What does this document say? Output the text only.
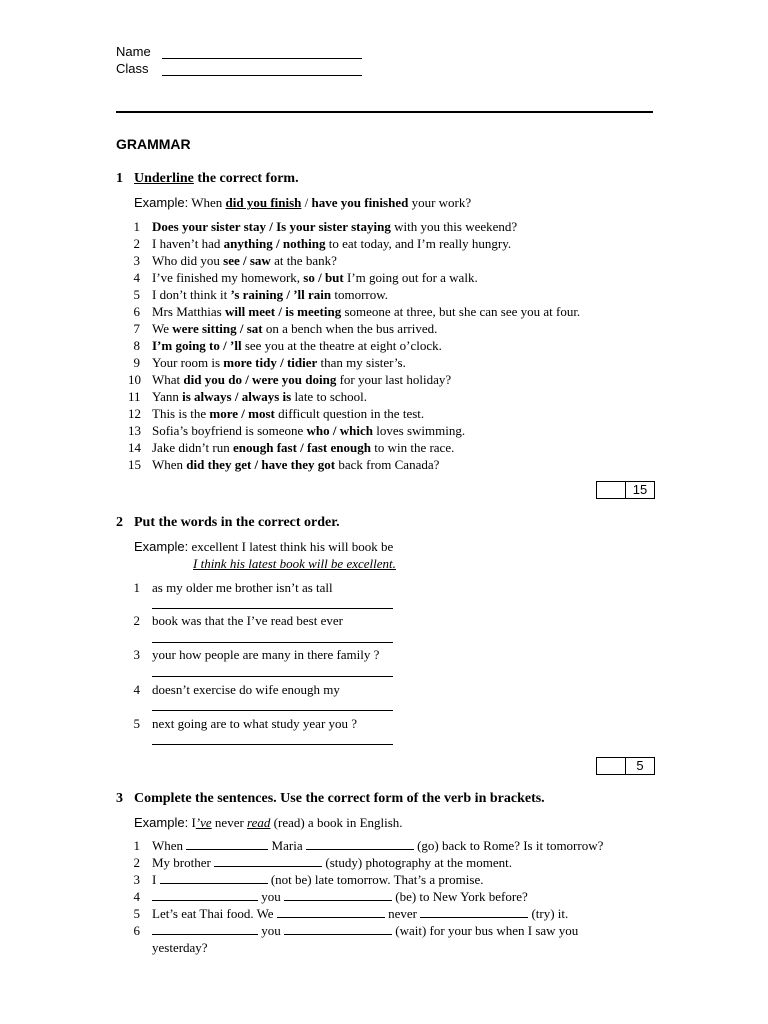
Name
Class
GRAMMAR
1 Underline the correct form.
Example: When did you finish / have you finished your work?
1 Does your sister stay / Is your sister staying with you this weekend?
2 I haven’t had anything / nothing to eat today, and I’m really hungry.
3 Who did you see / saw at the bank?
4 I’ve finished my homework, so / but I’m going out for a walk.
5 I don’t think it ’s raining / ’ll rain tomorrow.
6 Mrs Matthias will meet / is meeting someone at three, but she can see you at four.
7 We were sitting / sat on a bench when the bus arrived.
8 I’m going to / ’ll see you at the theatre at eight o’clock.
9 Your room is more tidy / tidier than my sister’s.
10 What did you do / were you doing for your last holiday?
11 Yann is always / always is late to school.
12 This is the more / most difficult question in the test.
13 Sofia’s boyfriend is someone who / which loves swimming.
14 Jake didn’t run enough fast / fast enough to win the race.
15 When did they get / have they got back from Canada?
15
2 Put the words in the correct order.
Example: excellent I latest think his will book be
I think his latest book will be excellent.
1 as my older me brother isn’t as tall
2 book was that the I’ve read best ever
3 your how people are many in there family ?
4 doesn’t exercise do wife enough my
5 next going are to what study year you ?
5
3 Complete the sentences. Use the correct form of the verb in brackets.
Example: I’ve never read (read) a book in English.
1 When	Maria	(go) back to Rome? Is it tomorrow?
2 My brother	(study) photography at the moment.
3 I	(not be) late tomorrow. That’s a promise.
4	you	(be) to New York before?
5 Let’s eat Thai food. We	never	(try) it.
6	you	(wait) for your bus when I saw you
yesterday?
